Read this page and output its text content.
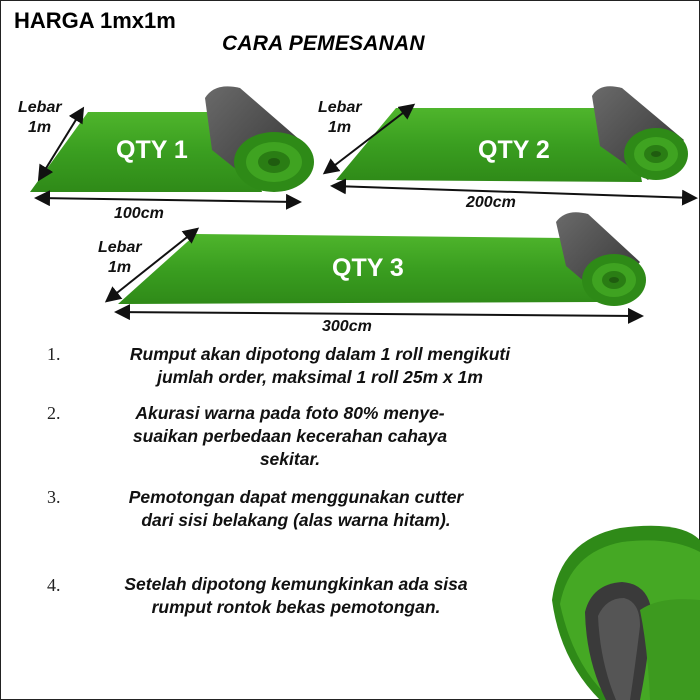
HARGA 1mx1m
CARA PEMESANAN
QTY 1	QTY 2
QTY 3
Lebar
1m
100cm
Lebar
1m
200cm
Lebar
1m
300cm
1.	Rumput akan dipotong dalam 1 roll mengikuti
jumlah order, maksimal 1 roll 25m x 1m
2.	Akurasi warna pada foto 80% menye-
suaikan perbedaan kecerahan cahaya
sekitar.
3.	Pemotongan dapat menggunakan cutter
dari sisi belakang (alas warna hitam).
4.	Setelah dipotong kemungkinkan ada sisa
rumput rontok bekas pemotongan.
